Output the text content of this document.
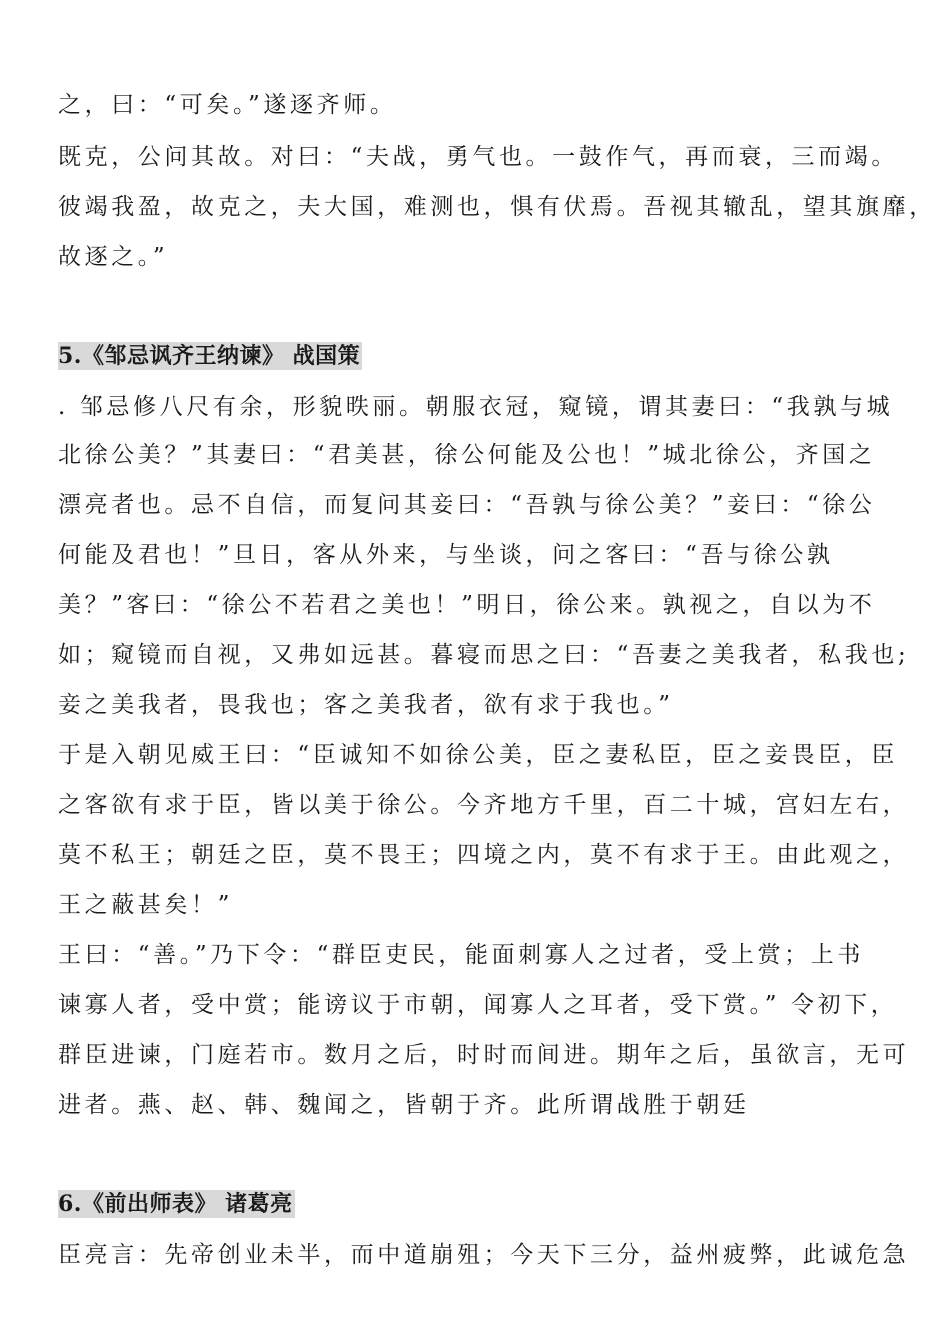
之，曰：“可矣。”遂逐齐师。
既克，公问其故。对曰：“夫战，勇气也。一鼓作气，再而衰，三而竭。
彼竭我盈，故克之，夫大国，难测也，惧有伏焉。吾视其辙乱，望其旗靡，
故逐之。”
5.《邹忌讽齐王纳谏》 战国策
. 邹忌修八尺有余，形貌昳丽。朝服衣冠，窥镜，谓其妻曰：“我孰与城
北徐公美？”其妻曰：“君美甚，徐公何能及公也！”城北徐公，齐国之
漂亮者也。忌不自信，而复问其妾曰：“吾孰与徐公美？”妾曰：“徐公
何能及君也！”旦日，客从外来，与坐谈，问之客曰：“吾与徐公孰
美？”客曰：“徐公不若君之美也！”明日，徐公来。孰视之，自以为不
如；窥镜而自视，又弗如远甚。暮寝而思之曰：“吾妻之美我者，私我也;
妾之美我者，畏我也；客之美我者，欲有求于我也。”
于是入朝见威王曰：“臣诚知不如徐公美，臣之妻私臣，臣之妾畏臣，臣
之客欲有求于臣，皆以美于徐公。今齐地方千里，百二十城，宫妇左右，
莫不私王；朝廷之臣，莫不畏王；四境之内，莫不有求于王。由此观之，
王之蔽甚矣！”
王曰：“善。”乃下令：“群臣吏民，能面刺寡人之过者，受上赏；上书
谏寡人者，受中赏；能谤议于市朝，闻寡人之耳者，受下赏。” 令初下，
群臣进谏，门庭若市。数月之后，时时而间进。期年之后，虽欲言，无可
进者。燕、赵、韩、魏闻之，皆朝于齐。此所谓战胜于朝廷
6.《前出师表》 诸葛亮
臣亮言：先帝创业未半，而中道崩殂；今天下三分，益州疲弊，此诚危急
